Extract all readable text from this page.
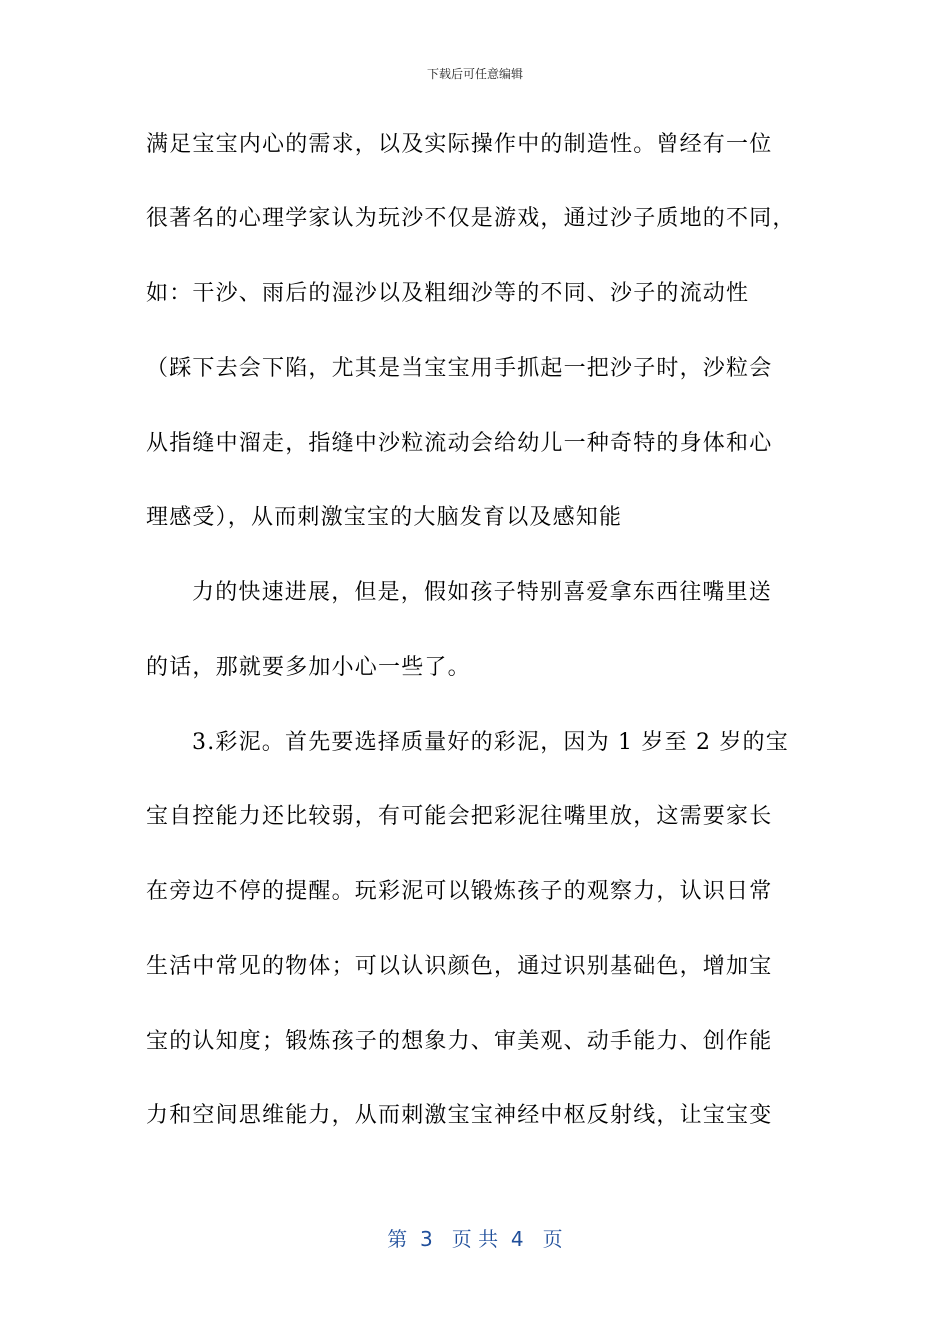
下载后可任意编辑
满足宝宝内心的需求，以及实际操作中的制造性。曾经有一位
很著名的心理学家认为玩沙不仅是游戏，通过沙子质地的不同，
如：干沙、雨后的湿沙以及粗细沙等的不同、沙子的流动性
（踩下去会下陷，尤其是当宝宝用手抓起一把沙子时，沙粒会
从指缝中溜走，指缝中沙粒流动会给幼儿一种奇特的身体和心
理感受），从而刺激宝宝的大脑发育以及感知能
力的快速进展，但是，假如孩子特别喜爱拿东西往嘴里送
的话，那就要多加小心一些了。
3.彩泥。首先要选择质量好的彩泥，因为 1 岁至 2 岁的宝
宝自控能力还比较弱，有可能会把彩泥往嘴里放，这需要家长
在旁边不停的提醒。玩彩泥可以锻炼孩子的观察力，认识日常
生活中常见的物体；可以认识颜色，通过识别基础色，增加宝
宝的认知度；锻炼孩子的想象力、审美观、动手能力、创作能
力和空间思维能力，从而刺激宝宝神经中枢反射线，让宝宝变
第  3   页 共  4   页
